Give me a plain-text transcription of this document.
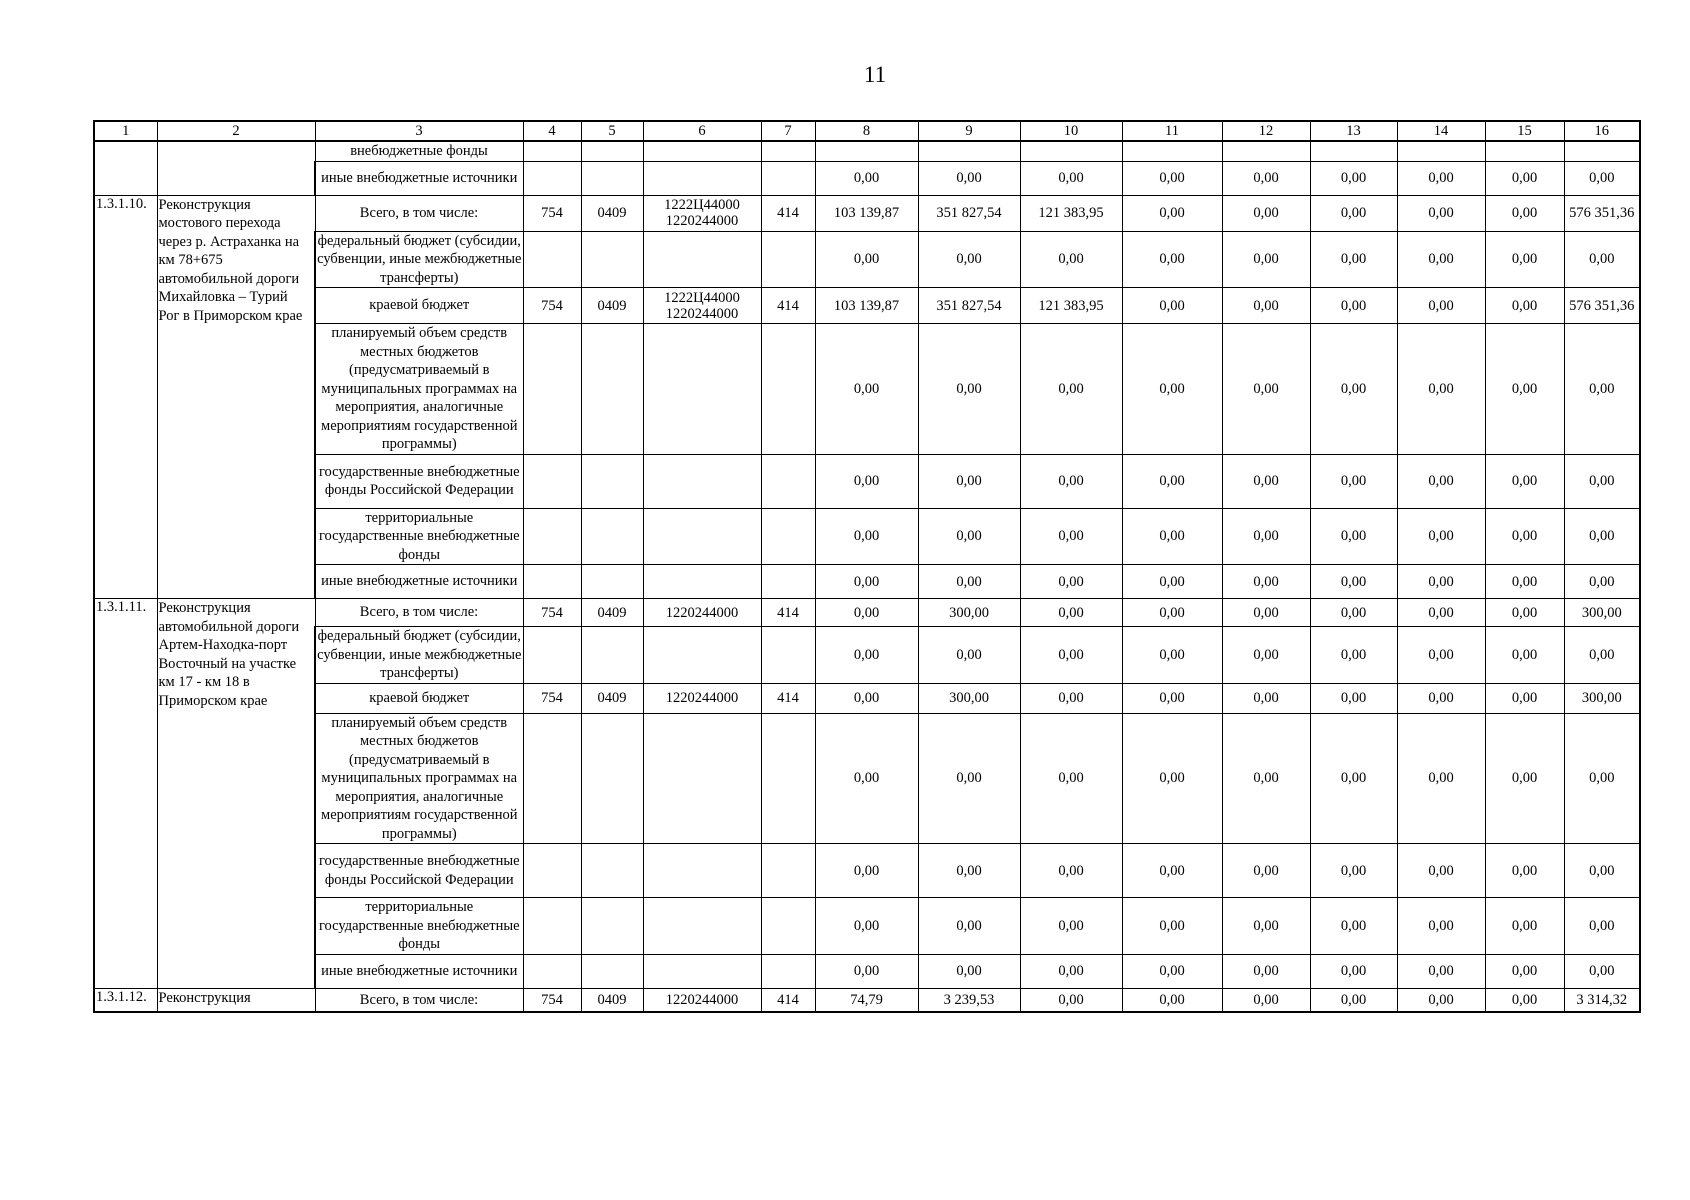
11
1	2	3	4	5	6	7	8	9	10	11	12	13	14	15	16
		внебюджетные фонды													
		иные внебюджетные источники					0,00	0,00	0,00	0,00	0,00	0,00	0,00	0,00	0,00
1.3.1.10.	Реконструкция мостового перехода через р. Астраханка на км 78+675 автомобильной дороги Михайловка – Турий Рог в Приморском крае	Всего, в том числе:	754	0409	1222Ц44000 1220244000	414	103 139,87	351 827,54	121 383,95	0,00	0,00	0,00	0,00	0,00	576 351,36
		федеральный бюджет (субсидии, субвенции, иные межбюджетные трансферты)					0,00	0,00	0,00	0,00	0,00	0,00	0,00	0,00	0,00
		краевой бюджет	754	0409	1222Ц44000 1220244000	414	103 139,87	351 827,54	121 383,95	0,00	0,00	0,00	0,00	0,00	576 351,36
		планируемый объем средств местных бюджетов (предусматриваемый в муниципальных программах на мероприятия, аналогичные мероприятиям государственной программы)					0,00	0,00	0,00	0,00	0,00	0,00	0,00	0,00	0,00
		государственные внебюджетные фонды Российской Федерации					0,00	0,00	0,00	0,00	0,00	0,00	0,00	0,00	0,00
		территориальные государственные внебюджетные фонды					0,00	0,00	0,00	0,00	0,00	0,00	0,00	0,00	0,00
		иные внебюджетные источники					0,00	0,00	0,00	0,00	0,00	0,00	0,00	0,00	0,00
1.3.1.11.	Реконструкция автомобильной дороги Артем-Находка-порт Восточный на участке км 17 - км 18 в Приморском крае	Всего, в том числе:	754	0409	1220244000	414	0,00	300,00	0,00	0,00	0,00	0,00	0,00	0,00	300,00
		федеральный бюджет (субсидии, субвенции, иные межбюджетные трансферты)					0,00	0,00	0,00	0,00	0,00	0,00	0,00	0,00	0,00
		краевой бюджет	754	0409	1220244000	414	0,00	300,00	0,00	0,00	0,00	0,00	0,00	0,00	300,00
		планируемый объем средств местных бюджетов (предусматриваемый в муниципальных программах на мероприятия, аналогичные мероприятиям государственной программы)					0,00	0,00	0,00	0,00	0,00	0,00	0,00	0,00	0,00
		государственные внебюджетные фонды Российской Федерации					0,00	0,00	0,00	0,00	0,00	0,00	0,00	0,00	0,00
		территориальные государственные внебюджетные фонды					0,00	0,00	0,00	0,00	0,00	0,00	0,00	0,00	0,00
		иные внебюджетные источники					0,00	0,00	0,00	0,00	0,00	0,00	0,00	0,00	0,00
1.3.1.12.	Реконструкция	Всего, в том числе:	754	0409	1220244000	414	74,79	3 239,53	0,00	0,00	0,00	0,00	0,00	0,00	3 314,32
